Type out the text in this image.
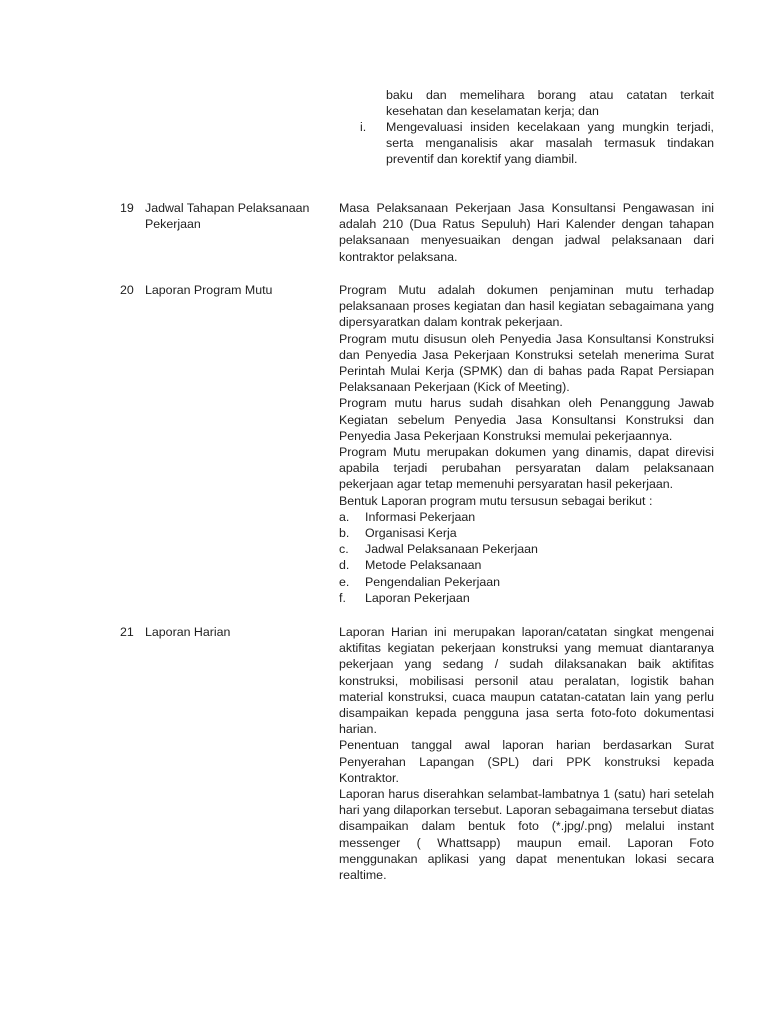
baku dan memelihara borang atau catatan terkait kesehatan dan keselamatan kerja; dan
i. Mengevaluasi insiden kecelakaan yang mungkin terjadi, serta menganalisis akar masalah termasuk tindakan preventif dan korektif yang diambil.
19 Jadwal Tahapan Pelaksanaan Pekerjaan

Masa Pelaksanaan Pekerjaan Jasa Konsultansi Pengawasan ini adalah 210 (Dua Ratus Sepuluh) Hari Kalender dengan tahapan pelaksanaan menyesuaikan dengan jadwal pelaksanaan dari kontraktor pelaksana.

20 Laporan Program Mutu	Program Mutu adalah dokumen penjaminan mutu terhadap pelaksanaan proses kegiatan dan hasil kegiatan sebagaimana yang dipersyaratkan dalam kontrak pekerjaan.

Program mutu disusun oleh Penyedia Jasa Konsultansi Konstruksi dan Penyedia Jasa Pekerjaan Konstruksi setelah menerima Surat Perintah Mulai Kerja (SPMK) dan di bahas pada Rapat Persiapan Pelaksanaan Pekerjaan (Kick of Meeting).

Program mutu harus sudah disahkan oleh Penanggung Jawab Kegiatan sebelum Penyedia Jasa Konsultansi Konstruksi dan Penyedia Jasa Pekerjaan Konstruksi memulai pekerjaannya.

Program Mutu merupakan dokumen yang dinamis, dapat direvisi apabila terjadi perubahan persyaratan dalam pelaksanaan pekerjaan agar tetap memenuhi persyaratan hasil pekerjaan.

Bentuk Laporan program mutu tersusun sebagai berikut :

a. Informasi Pekerjaan
b. Organisasi Kerja
c. Jadwal Pelaksanaan Pekerjaan
d. Metode Pelaksanaan
e. Pengendalian Pekerjaan
f. Laporan Pekerjaan
21 Laporan Harian	Laporan Harian ini merupakan laporan/catatan singkat mengenai aktifitas kegiatan pekerjaan konstruksi yang memuat diantaranya pekerjaan yang sedang / sudah dilaksanakan baik aktifitas konstruksi, mobilisasi personil atau peralatan, logistik bahan material konstruksi, cuaca maupun catatan-catatan lain yang perlu disampaikan kepada pengguna jasa serta foto-foto dokumentasi harian.

Penentuan tanggal awal laporan harian berdasarkan Surat Penyerahan Lapangan (SPL) dari PPK konstruksi kepada Kontraktor.

Laporan harus diserahkan selambat-lambatnya 1 (satu) hari setelah hari yang dilaporkan tersebut. Laporan sebagaimana tersebut diatas disampaikan dalam bentuk foto (*.jpg/.png) melalui instant messenger ( Whattsapp) maupun email. Laporan Foto menggunakan aplikasi yang dapat menentukan lokasi secara realtime.
